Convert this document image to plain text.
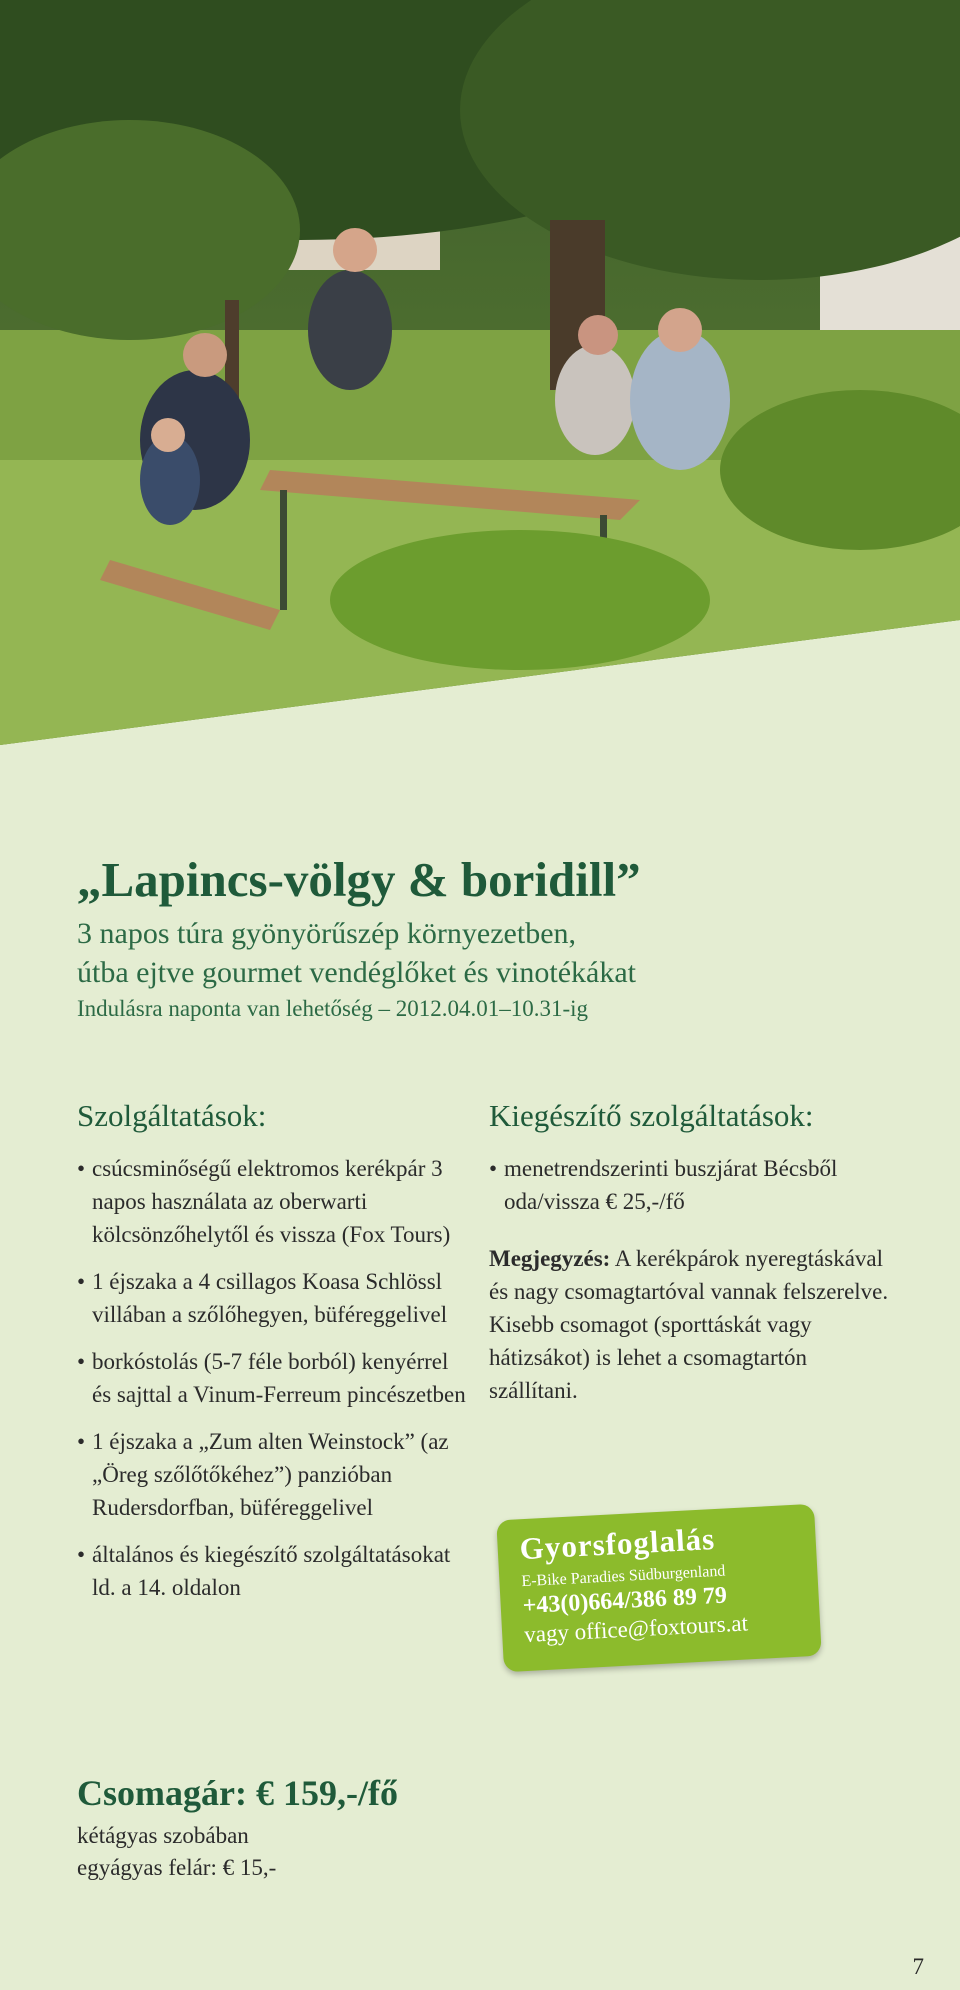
„Lapincs-völgy & boridill”
3 napos túra gyönyörűszép környezetben,
útba ejtve gourmet vendéglőket és vinotékákat
Indulásra naponta van lehetőség – 2012.04.01–10.31-ig
Szolgáltatások:
• csúcsminőségű elektromos kerékpár 3 napos használata az oberwarti kölcsönzőhelytől és vissza (Fox Tours)
• 1 éjszaka a 4 csillagos Koasa Schlössl villában a szőlőhegyen, büféreggelivel
• borkóstolás (5-7 féle borból) kenyérrel és sajttal a Vinum-Ferreum pincészetben
• 1 éjszaka a „Zum alten Weinstock” (az „Öreg szőlőtőkéhez”) panzióban Rudersdorfban, büféreggelivel
• általános és kiegészítő szolgáltatásokat ld. a 14. oldalon
Kiegészítő szolgáltatások:
• menetrendszerinti buszjárat Bécsből oda/vissza € 25,-/fő
Megjegyzés: A kerékpárok nyeregtáskával és nagy csomagtartóval vannak felszerelve. Kisebb csomagot (sporttáskát vagy hátizsákot) is lehet a csomagtartón szállítani.
Gyorsfoglalás
E-Bike Paradies Südburgenland
+43(0)664/386 89 79
vagy office@foxtours.at
Csomagár: € 159,-/fő
kétágyas szobában
egyágyas felár: € 15,-
7
